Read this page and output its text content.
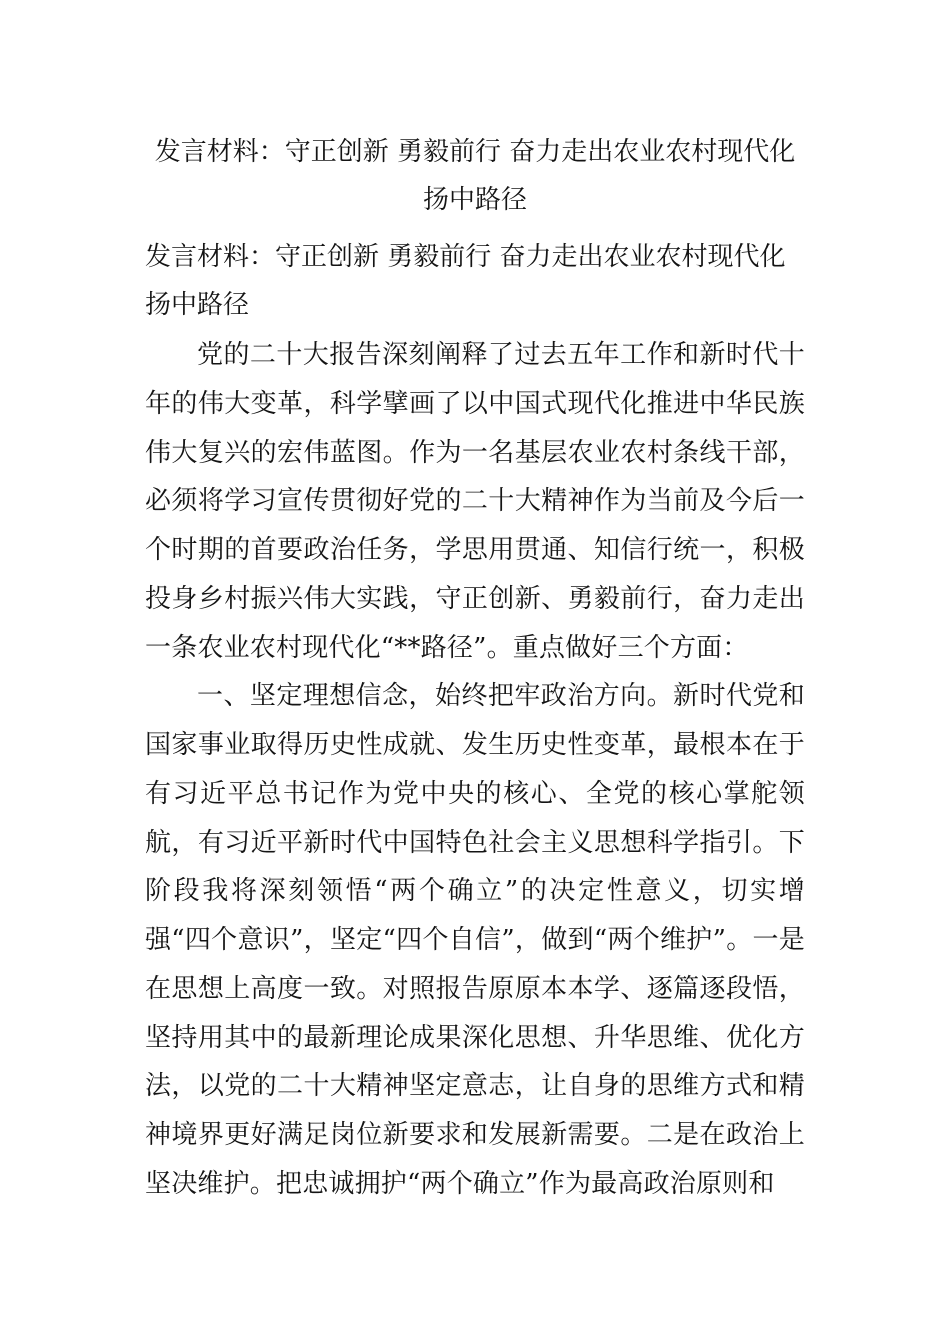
发言材料：守正创新 勇毅前行 奋力走出农业农村现代化扬中路径

发言材料：守正创新 勇毅前行 奋力走出农业农村现代化扬中路径

党的二十大报告深刻阐释了过去五年工作和新时代十年的伟大变革，科学擘画了以中国式现代化推进中华民族伟大复兴的宏伟蓝图。作为一名基层农业农村条线干部，必须将学习宣传贯彻好党的二十大精神作为当前及今后一个时期的首要政治任务，学思用贯通、知信行统一，积极投身乡村振兴伟大实践，守正创新、勇毅前行，奋力走出一条农业农村现代化“**路径”。重点做好三个方面：

一、坚定理想信念，始终把牢政治方向。新时代党和国家事业取得历史性成就、发生历史性变革，最根本在于有习近平总书记作为党中央的核心、全党的核心掌舵领航，有习近平新时代中国特色社会主义思想科学指引。下阶段我将深刻领悟“两个确立”的决定性意义，切实增强“四个意识”，坚定“四个自信”，做到“两个维护”。一是在思想上高度一致。对照报告原原本本学、逐篇逐段悟，坚持用其中的最新理论成果深化思想、升华思维、优化方法，以党的二十大精神坚定意志，让自身的思维方式和精神境界更好满足岗位新要求和发展新需要。二是在政治上坚决维护。把忠诚拥护“两个确立”作为最高政治原则和
